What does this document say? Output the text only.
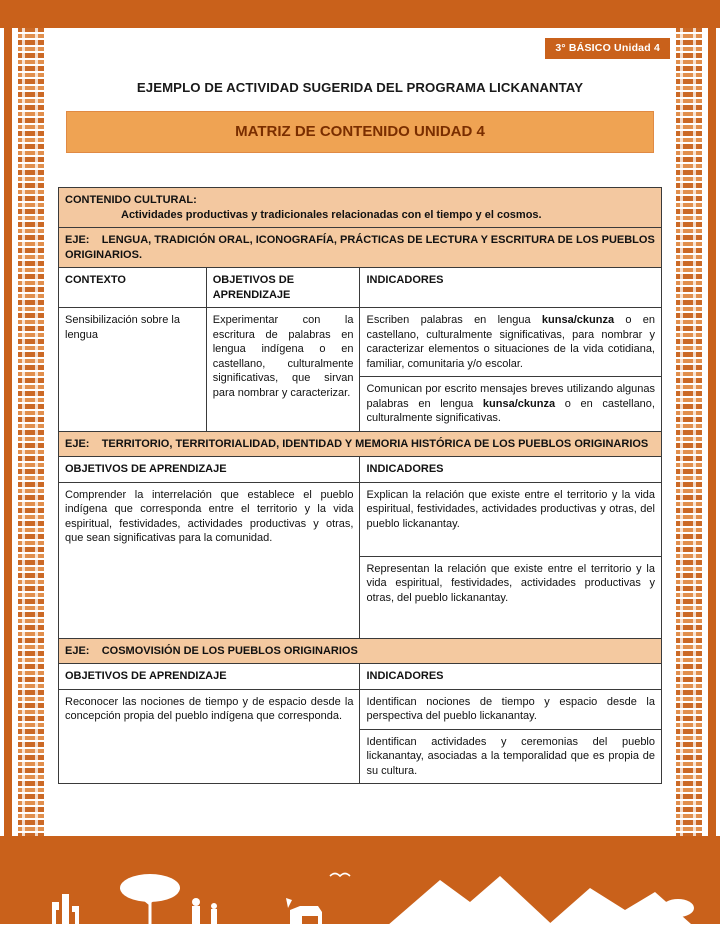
3° BÁSICO Unidad 4
EJEMPLO DE ACTIVIDAD SUGERIDA DEL PROGRAMA LICKANANTAY
MATRIZ DE CONTENIDO UNIDAD 4
CONTENIDO CULTURAL:
Actividades productivas y tradicionales relacionadas con el tiempo y el cosmos.		

EJE: LENGUA, TRADICIÓN ORAL, ICONOGRAFÍA, PRÁCTICAS DE LECTURA Y ESCRITURA DE LOS PUEBLOS ORIGINARIOS.		
CONTEXTO	OBJETIVOS DE APRENDIZAJE	INDICADORES
Sensibilización sobre la lengua	Experimentar con la escritura de palabras en lengua indígena o en castellano, culturalmente significativas, que sirvan para nombrar y caracterizar.	Escriben palabras en lengua kunsa/ckunza o en castellano, culturalmente significativas, para nombrar y caracterizar elementos o situaciones de la vida cotidiana, familiar, comunitaria y/o escolar.
		Comunican por escrito mensajes breves utilizando algunas palabras en lengua kunsa/ckunza o en castellano, culturalmente significativas.
EJE: TERRITORIO, TERRITORIALIDAD, IDENTIDAD Y MEMORIA HISTÓRICA DE LOS PUEBLOS ORIGINARIOS		
OBJETIVOS DE APRENDIZAJE		INDICADORES
Comprender la interrelación que establece el pueblo indígena que corresponda entre el territorio y la vida espiritual, festividades, actividades productivas y otras, que sean significativas para la comunidad.		Explican la relación que existe entre el territorio y la vida espiritual, festividades, actividades productivas y otras, del pueblo lickanantay.
		Representan la relación que existe entre el territorio y la vida espiritual, festividades, actividades productivas y otras, del pueblo lickanantay.
EJE: COSMOVISIÓN DE LOS PUEBLOS ORIGINARIOS		
OBJETIVOS DE APRENDIZAJE		INDICADORES
Reconocer las nociones de tiempo y de espacio desde la concepción propia del pueblo indígena que corresponda.		Identifican nociones de tiempo y espacio desde la perspectiva del pueblo lickanantay.
		Identifican actividades y ceremonias del pueblo lickanantay, asociadas a la temporalidad que es propia de su cultura.
